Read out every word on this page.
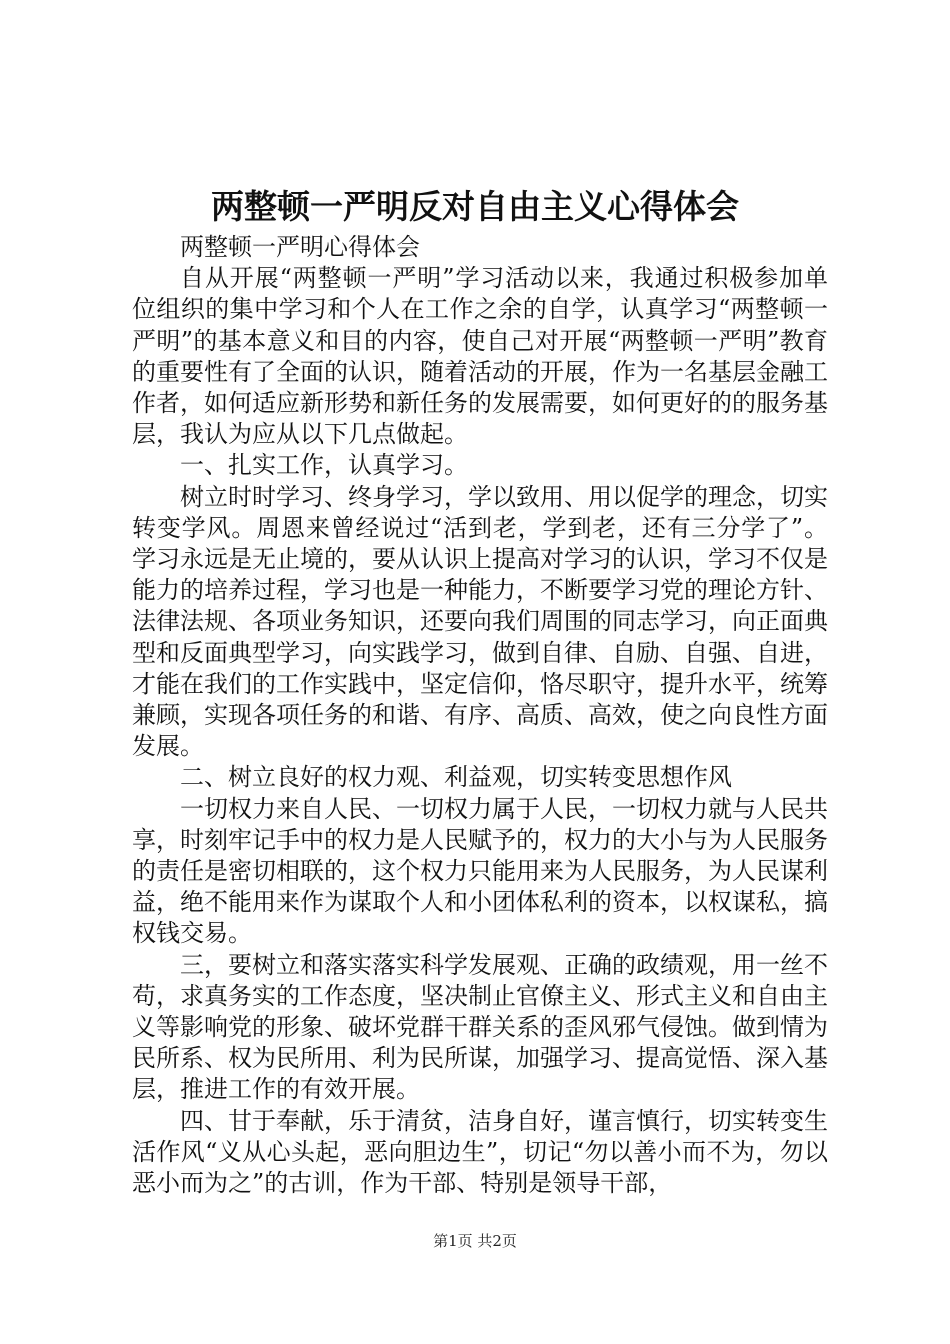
两整顿一严明反对自由主义心得体会

两整顿一严明心得体会

自从开展“两整顿一严明”学习活动以来，我通过积极参加单位组织的集中学习和个人在工作之余的自学，认真学习“两整顿一严明”的基本意义和目的内容，使自己对开展“两整顿一严明”教育的重要性有了全面的认识，随着活动的开展，作为一名基层金融工作者，如何适应新形势和新任务的发展需要，如何更好的的服务基层，我认为应从以下几点做起。

一、扎实工作，认真学习。

树立时时学习、终身学习，学以致用、用以促学的理念，切实转变学风。周恩来曾经说过“活到老，学到老，还有三分学了”。学习永远是无止境的，要从认识上提高对学习的认识，学习不仅是能力的培养过程，学习也是一种能力，不断要学习党的理论方针、法律法规、各项业务知识，还要向我们周围的同志学习，向正面典型和反面典型学习，向实践学习，做到自律、自励、自强、自进，才能在我们的工作实践中，坚定信仰，恪尽职守，提升水平，统筹兼顾，实现各项任务的和谐、有序、高质、高效，使之向良性方面发展。

二、树立良好的权力观、利益观，切实转变思想作风

一切权力来自人民、一切权力属于人民，一切权力就与人民共享，时刻牢记手中的权力是人民赋予的，权力的大小与为人民服务的责任是密切相联的，这个权力只能用来为人民服务，为人民谋利益，绝不能用来作为谋取个人和小团体私利的资本，以权谋私，搞权钱交易。

三，要树立和落实落实科学发展观、正确的政绩观，用一丝不苟，求真务实的工作态度，坚决制止官僚主义、形式主义和自由主义等影响党的形象、破坏党群干群关系的歪风邪气侵蚀。做到情为民所系、权为民所用、利为民所谋，加强学习、提高觉悟、深入基层，推进工作的有效开展。

四、甘于奉献，乐于清贫，洁身自好，谨言慎行，切实转变生活作风“义从心头起，恶向胆边生”，切记“勿以善小而不为，勿以恶小而为之”的古训，作为干部、特别是领导干部，

第1页 共2页
